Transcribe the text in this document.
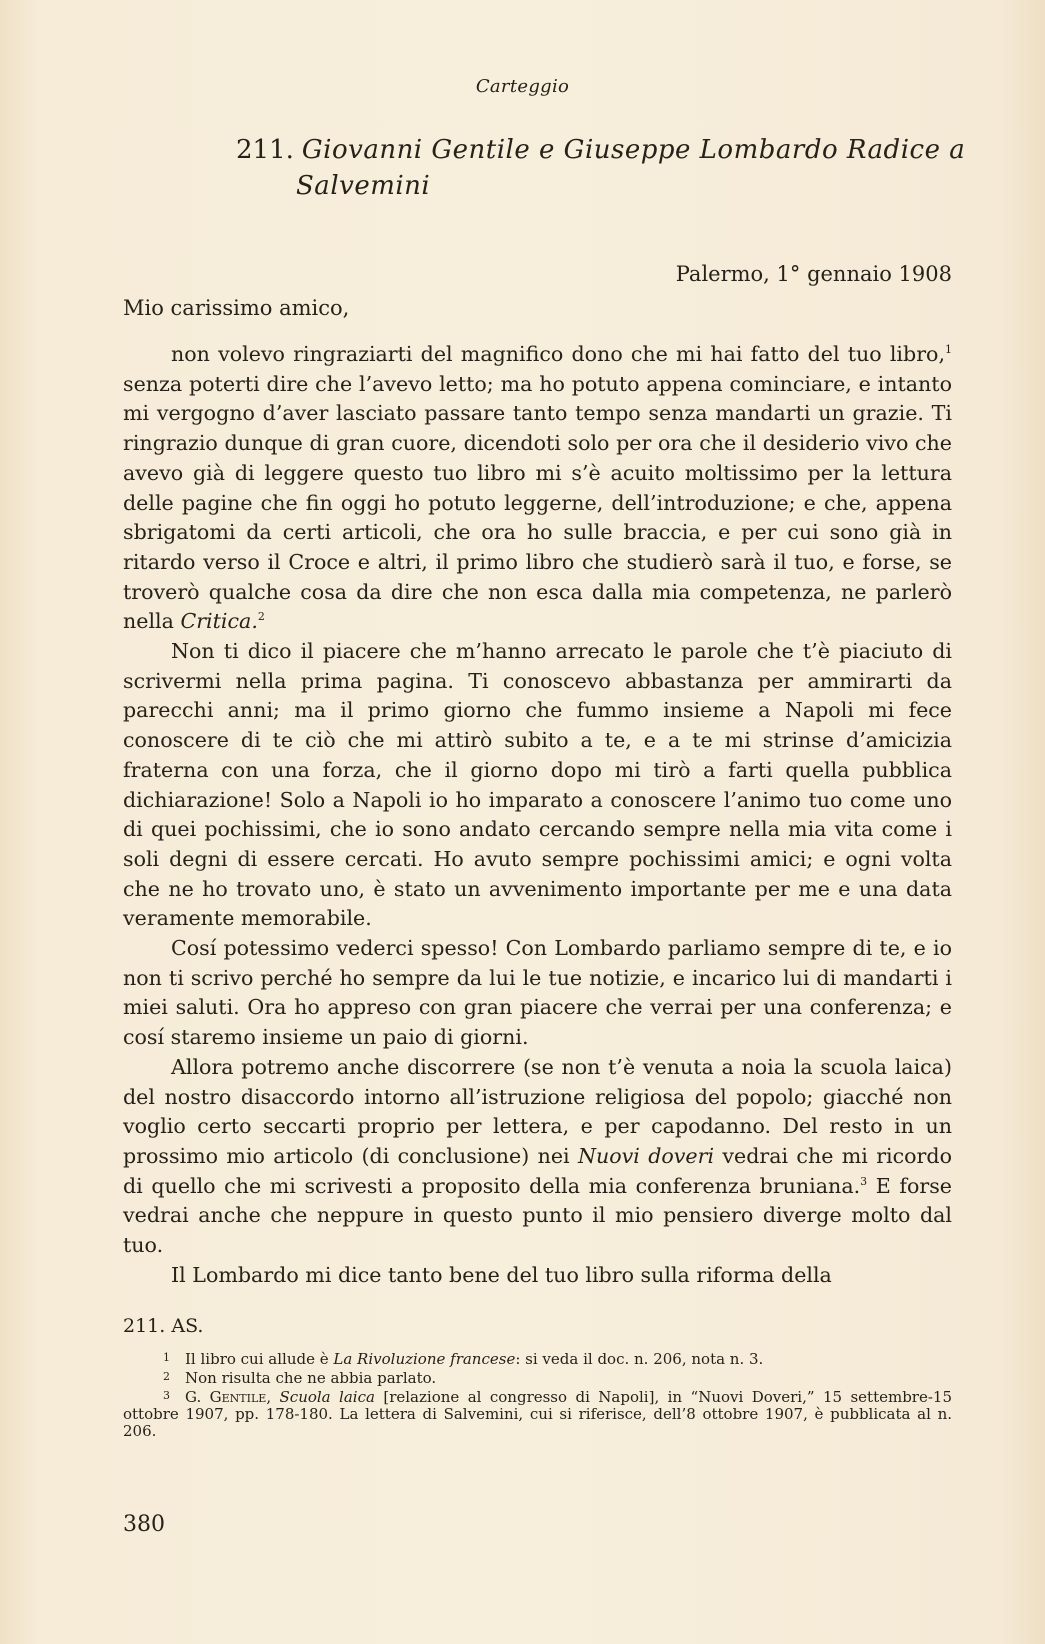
Carteggio
211. Giovanni Gentile e Giuseppe Lombardo Radice a
Salvemini
Palermo, 1° gennaio 1908
Mio carissimo amico,

non volevo ringraziarti del magnifico dono che mi hai fatto del tuo libro,$^1$ senza poterti dire che l’avevo letto; ma ho potuto appena cominciare, e intanto mi vergogno d’aver lasciato passare tanto tempo senza mandarti un grazie. Ti ringrazio dunque di gran cuore, dicendoti solo per ora che il desiderio vivo che avevo già di leggere questo tuo libro mi s’è acuito moltissimo per la lettura delle pagine che fin oggi ho potuto leggerne, dell’introduzione; e che, appena sbrigatomi da certi articoli, che ora ho sulle braccia, e per cui sono già in ritardo verso il Croce e altri, il primo libro che studierò sarà il tuo, e forse, se troverò qualche cosa da dire che non esca dalla mia competenza, ne parlerò nella Critica.$^2$

Non ti dico il piacere che m’hanno arrecato le parole che t’è piaciuto di scrivermi nella prima pagina. Ti conoscevo abbastanza per ammirarti da parecchi anni; ma il primo giorno che fummo insieme a Napoli mi fece conoscere di te ciò che mi attirò subito a te, e a te mi strinse d’amicizia fraterna con una forza, che il giorno dopo mi tirò a farti quella pubblica dichiarazione! Solo a Napoli io ho imparato a conoscere l’animo tuo come uno di quei pochissimi, che io sono andato cercando sempre nella mia vita come i soli degni di essere cercati. Ho avuto sempre pochissimi amici; e ogni volta che ne ho trovato uno, è stato un avvenimento importante per me e una data veramente memorabile.

Cosí potessimo vederci spesso! Con Lombardo parliamo sempre di te, e io non ti scrivo perché ho sempre da lui le tue notizie, e incarico lui di mandarti i miei saluti. Ora ho appreso con gran piacere che verrai per una conferenza; e cosí staremo insieme un paio di giorni.

Allora potremo anche discorrere (se non t’è venuta a noia la scuola laica) del nostro disaccordo intorno all’istruzione religiosa del popolo; giacché non voglio certo seccarti proprio per lettera, e per capodanno. Del resto in un prossimo mio articolo (di conclusione) nei Nuovi doveri vedrai che mi ricordo di quello che mi scrivesti a proposito della mia conferenza bruniana.$^3$ E forse vedrai anche che neppure in questo punto il mio pensiero diverge molto dal tuo.

Il Lombardo mi dice tanto bene del tuo libro sulla riforma della

211. AS.
1 Il libro cui allude è La Rivoluzione francese: si veda il doc. n. 206, nota n. 3.
2 Non risulta che ne abbia parlato.
3 G. Gentile, Scuola laica [relazione al congresso di Napoli], in “Nuovi Doveri,” 15 settembre-15 ottobre 1907, pp. 178-180. La lettera di Salvemini, cui si riferisce, dell’8 ottobre 1907, è pubblicata al n. 206.
380
